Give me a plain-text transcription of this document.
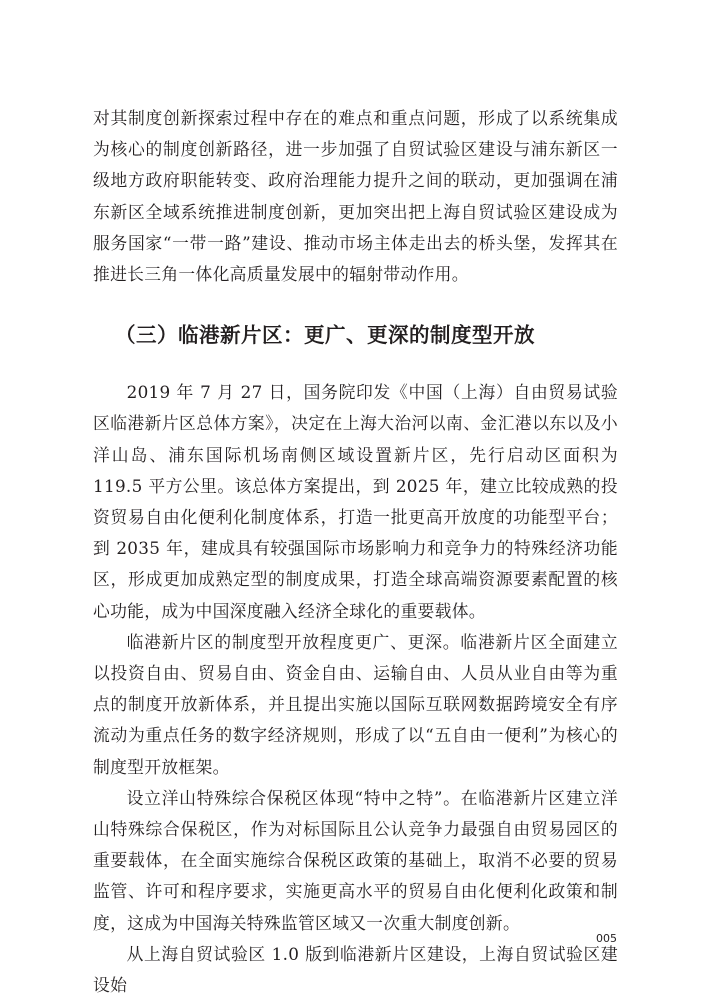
对其制度创新探索过程中存在的难点和重点问题，形成了以系统集成为核心的制度创新路径，进一步加强了自贸试验区建设与浦东新区一级地方政府职能转变、政府治理能力提升之间的联动，更加强调在浦东新区全域系统推进制度创新，更加突出把上海自贸试验区建设成为服务国家“一带一路”建设、推动市场主体走出去的桥头堡，发挥其在推进长三角一体化高质量发展中的辐射带动作用。

（三）临港新片区：更广、更深的制度型开放

2019 年 7 月 27 日，国务院印发《中国（上海）自由贸易试验区临港新片区总体方案》，决定在上海大治河以南、金汇港以东以及小洋山岛、浦东国际机场南侧区域设置新片区，先行启动区面积为 119.5 平方公里。该总体方案提出，到 2025 年，建立比较成熟的投资贸易自由化便利化制度体系，打造一批更高开放度的功能型平台；到 2035 年，建成具有较强国际市场影响力和竞争力的特殊经济功能区，形成更加成熟定型的制度成果，打造全球高端资源要素配置的核心功能，成为中国深度融入经济全球化的重要载体。

临港新片区的制度型开放程度更广、更深。临港新片区全面建立以投资自由、贸易自由、资金自由、运输自由、人员从业自由等为重点的制度开放新体系，并且提出实施以国际互联网数据跨境安全有序流动为重点任务的数字经济规则，形成了以“五自由一便利”为核心的制度型开放框架。

设立洋山特殊综合保税区体现“特中之特”。在临港新片区建立洋山特殊综合保税区，作为对标国际且公认竞争力最强自由贸易园区的重要载体，在全面实施综合保税区政策的基础上，取消不必要的贸易监管、许可和程序要求，实施更高水平的贸易自由化便利化政策和制度，这成为中国海关特殊监管区域又一次重大制度创新。

从上海自贸试验区 1.0 版到临港新片区建设，上海自贸试验区建设始

005
